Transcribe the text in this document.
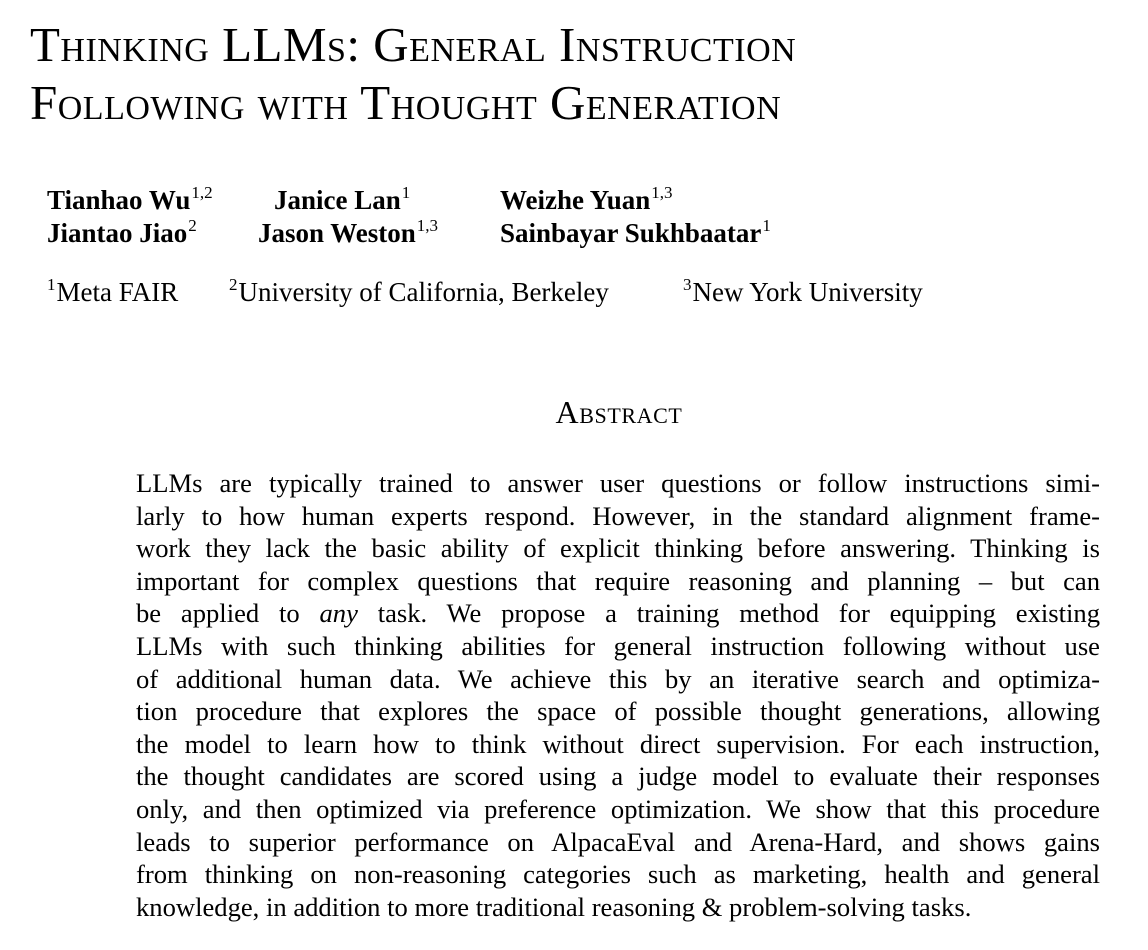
Thinking LLMs: General Instruction
Following with Thought Generation
Tianhao Wu$^{1,2}$ Janice Lan$^1$	Weizhe Yuan$^{1,3}$
Jiantao Jiao$^2$ Jason Weston$^{1,3}$ Sainbayar Sukhbaatar$^1$
$^1$Meta FAIR	$^2$University of California, Berkeley	$^3$New York University
Abstract
LLMs are typically trained to answer user questions or follow instructions simi-
larly to how human experts respond. However, in the standard alignment frame-
work they lack the basic ability of explicit thinking before answering. Thinking is
important for complex questions that require reasoning and planning – but can
be applied to any task. We propose a training method for equipping existing
LLMs with such thinking abilities for general instruction following without use
of additional human data. We achieve this by an iterative search and optimiza-
tion procedure that explores the space of possible thought generations, allowing
the model to learn how to think without direct supervision. For each instruction,
the thought candidates are scored using a judge model to evaluate their responses
only, and then optimized via preference optimization. We show that this procedure
leads to superior performance on AlpacaEval and Arena-Hard, and shows gains
from thinking on non-reasoning categories such as marketing, health and general
knowledge, in addition to more traditional reasoning & problem-solving tasks.
